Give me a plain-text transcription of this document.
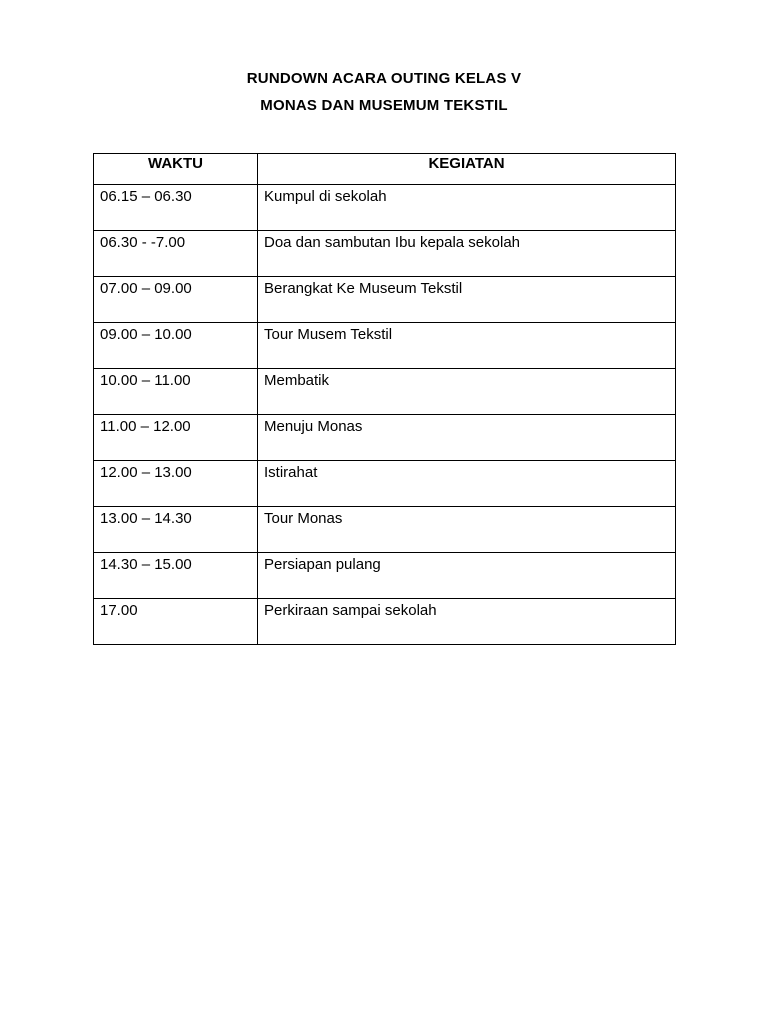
RUNDOWN ACARA OUTING KELAS V
MONAS DAN MUSEMUM TEKSTIL
WAKTU	KEGIATAN
06.15 – 06.30	Kumpul di sekolah
06.30 - -7.00	Doa dan sambutan Ibu kepala sekolah
07.00 – 09.00	Berangkat Ke Museum Tekstil
09.00 – 10.00	Tour Musem Tekstil
10.00 – 11.00	Membatik
11.00 – 12.00	Menuju Monas
12.00 – 13.00	Istirahat
13.00 – 14.30	Tour Monas
14.30 – 15.00	Persiapan pulang
17.00	Perkiraan sampai sekolah
